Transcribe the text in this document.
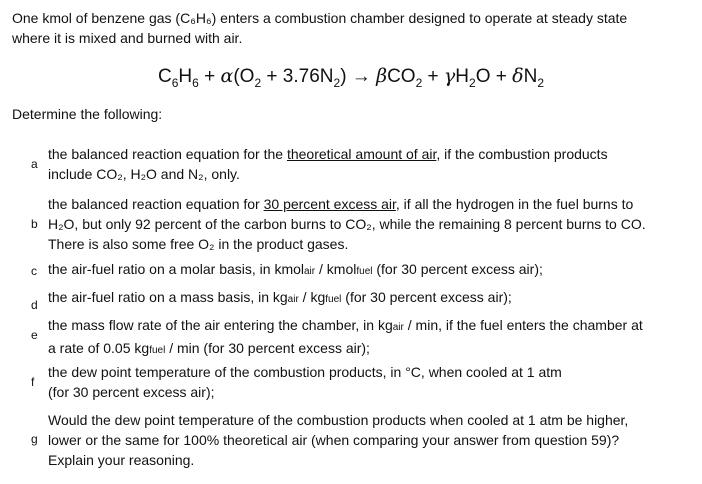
One kmol of benzene gas (C₆H₆) enters a combustion chamber designed to operate at steady state
where it is mixed and burned with air.
$C_6H_6 + \alpha(O_2 + 3.76N_2) \to \beta CO_2 + \gamma H_2O + \delta N_2$
Determine the following:
a
the balanced reaction equation for the theoretical amount of air, if the combustion products
include CO₂, H₂O and N₂, only.
b
the balanced reaction equation for 30 percent excess air, if all the hydrogen in the fuel burns to
H₂O, but only 92 percent of the carbon burns to CO₂, while the remaining 8 percent burns to CO.
There is also some free O₂ in the product gases.
c the air-fuel ratio on a molar basis, in kmolair / kmolfuel (for 30 percent excess air);
d the air-fuel ratio on a mass basis, in kgair / kgfuel (for 30 percent excess air);
e
the mass flow rate of the air entering the chamber, in kgair / min, if the fuel enters the chamber at
a rate of 0.05 kgfuel / min (for 30 percent excess air);
f
the dew point temperature of the combustion products, in °C, when cooled at 1 atm
(for 30 percent excess air);
g
Would the dew point temperature of the combustion products when cooled at 1 atm be higher,
lower or the same for 100% theoretical air (when comparing your answer from question 59)?
Explain your reasoning.
